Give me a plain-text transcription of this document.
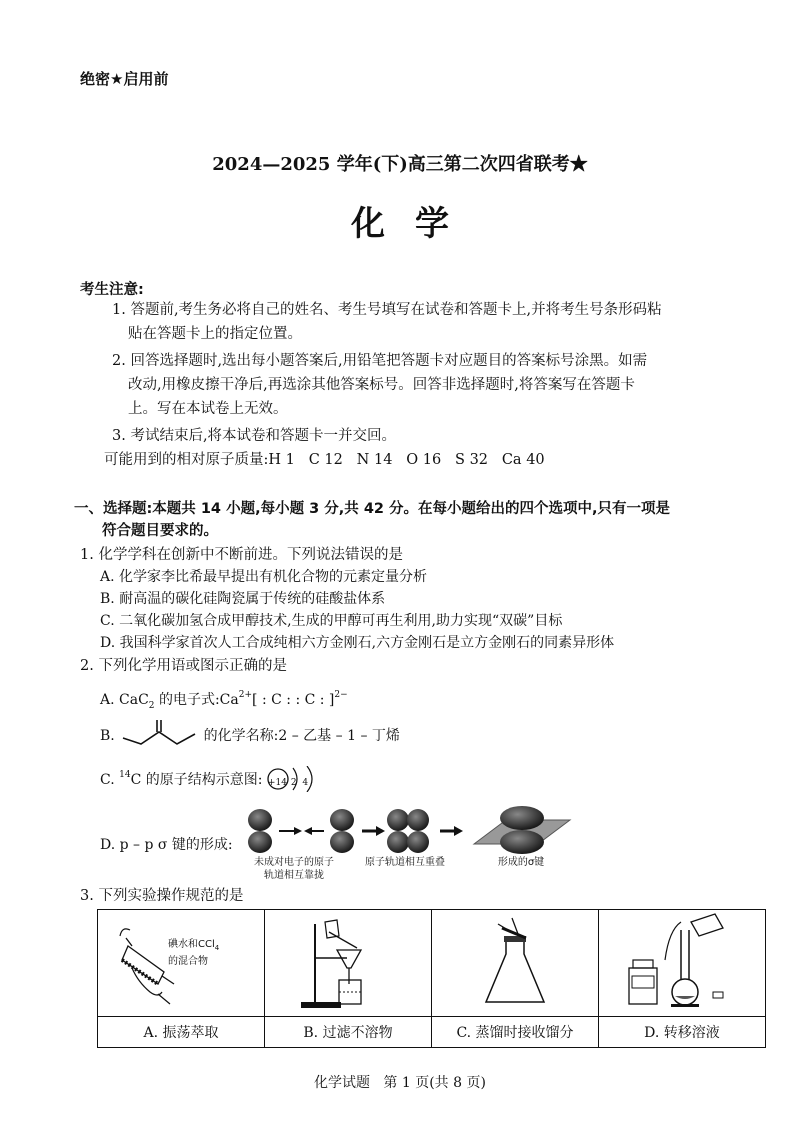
绝密★启用前
2024—2025 学年(下)高三第二次四省联考★
化学
考生注意:
1. 答题前,考生务必将自己的姓名、考生号填写在试卷和答题卡上,并将考生号条形码粘
贴在答题卡上的指定位置。
2. 回答选择题时,选出每小题答案后,用铅笔把答题卡对应题目的答案标号涂黑。如需
改动,用橡皮擦干净后,再选涂其他答案标号。回答非选择题时,将答案写在答题卡
上。写在本试卷上无效。
3. 考试结束后,将本试卷和答题卡一并交回。
可能用到的相对原子质量:H 1   C 12   N 14   O 16   S 32   Ca 40
一、选择题:本题共 14 小题,每小题 3 分,共 42 分。在每小题给出的四个选项中,只有一项是
符合题目要求的。
1. 化学学科在创新中不断前进。下列说法错误的是
A. 化学家李比希最早提出有机化合物的元素定量分析
B. 耐高温的碳化硅陶瓷属于传统的硅酸盐体系
C. 二氧化碳加氢合成甲醇技术,生成的甲醇可再生利用,助力实现“双碳”目标
D. 我国科学家首次人工合成纯相六方金刚石,六方金刚石是立方金刚石的同素异形体
2. 下列化学用语或图示正确的是
A. CaC$_2$ 的电子式$:Ca^{2+}$[ : C : : C : ]$^{2-}$
B.	的化学名称:2 – 乙基 – 1 – 丁烯
C. $^{14}$C 的原子结构示意图: +14 2  4
D. p – p σ 键的形成:
未成对电子的原子
轨道相互靠拢
原子轨道相互重叠	形成的σ键
3. 下列实验操作规范的是
碘水和CCl$_4$
的混合物

A. 振荡萃取	B. 过滤不溶物	C. 蒸馏时接收馏分	D. 转移溶液
化学试题   第 1 页(共 8 页)
